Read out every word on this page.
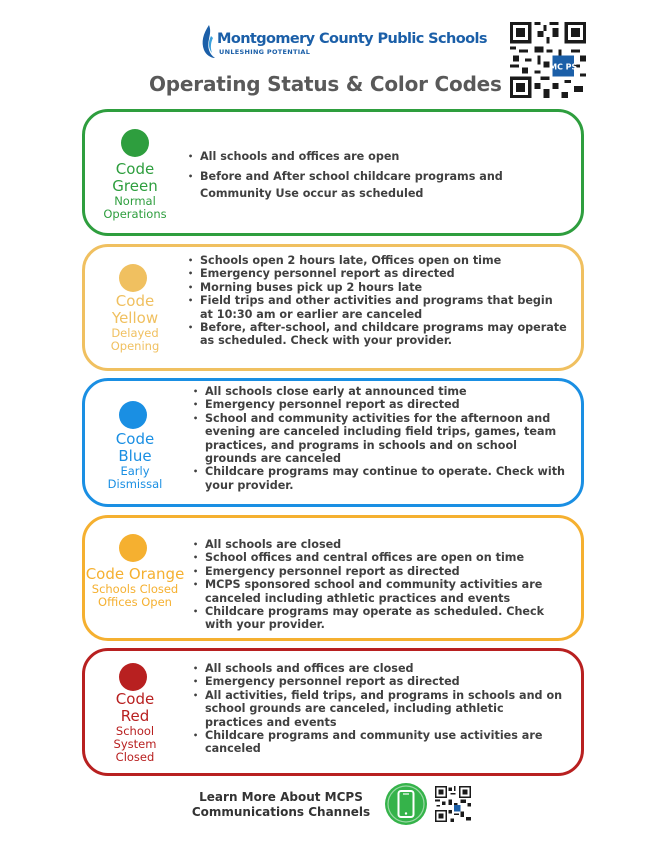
Montgomery County Public Schools
UNLESHING POTENTIAL
MC PS
Operating Status & Color Codes
Code
Green
Normal
Operations
• All schools and offices are open
• Before and After school childcare programs and Community Use occur as scheduled
Code
Yellow
Delayed
Opening
• Schools open 2 hours late, Offices open on time
• Emergency personnel report as directed
• Morning buses pick up 2 hours late
• Field trips and other activities and programs that begin at 10:30 am or earlier are canceled
• Before, after-school, and childcare programs may operate as scheduled. Check with your provider.
Code
Blue
Early
Dismissal
• All schools close early at announced time
• Emergency personnel report as directed
• School and community activities for the afternoon and evening are canceled including field trips, games, team practices, and programs in schools and on school grounds are canceled
• Childcare programs may continue to operate. Check with your provider.
Code Orange
Schools Closed
Offices Open
• All schools are closed
• School offices and central offices are open on time
• Emergency personnel report as directed
• MCPS sponsored school and community activities are canceled including athletic practices and events
• Childcare programs may operate as scheduled. Check with your provider.
Code
Red
School
System
Closed
• All schools and offices are closed
• Emergency personnel report as directed
• All activities, field trips, and programs in schools and on school grounds are canceled, including athletic practices and events
• Childcare programs and community use activities are canceled
Learn More About MCPS
Communications Channels
